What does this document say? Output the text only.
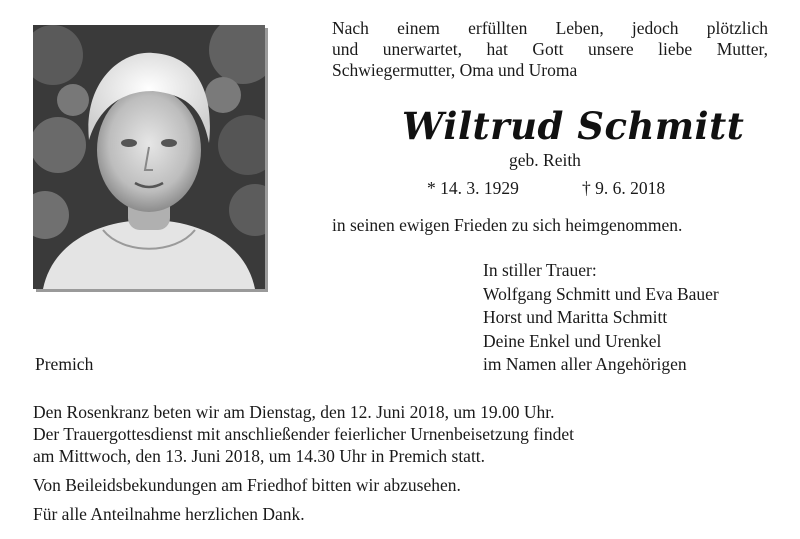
Nach einem erfüllten Leben, jedoch plötzlich
und unerwartet, hat Gott unsere liebe Mutter,
Schwiegermutter, Oma und Uroma

Wiltrud Schmitt
geb. Reith
* 14. 3. 1929	† 9. 6. 2018
in seinen ewigen Frieden zu sich heimgenommen.
In stiller Trauer:
Wolfgang Schmitt und Eva Bauer
Horst und Maritta Schmitt
Deine Enkel und Urenkel
im Namen aller Angehörigen
Premich
Den Rosenkranz beten wir am Dienstag, den 12. Juni 2018, um 19.00 Uhr.
Der Trauergottesdienst mit anschließender feierlicher Urnenbeisetzung findet
am Mittwoch, den 13. Juni 2018, um 14.30 Uhr in Premich statt.
Von Beileidsbekundungen am Friedhof bitten wir abzusehen.
Für alle Anteilnahme herzlichen Dank.
